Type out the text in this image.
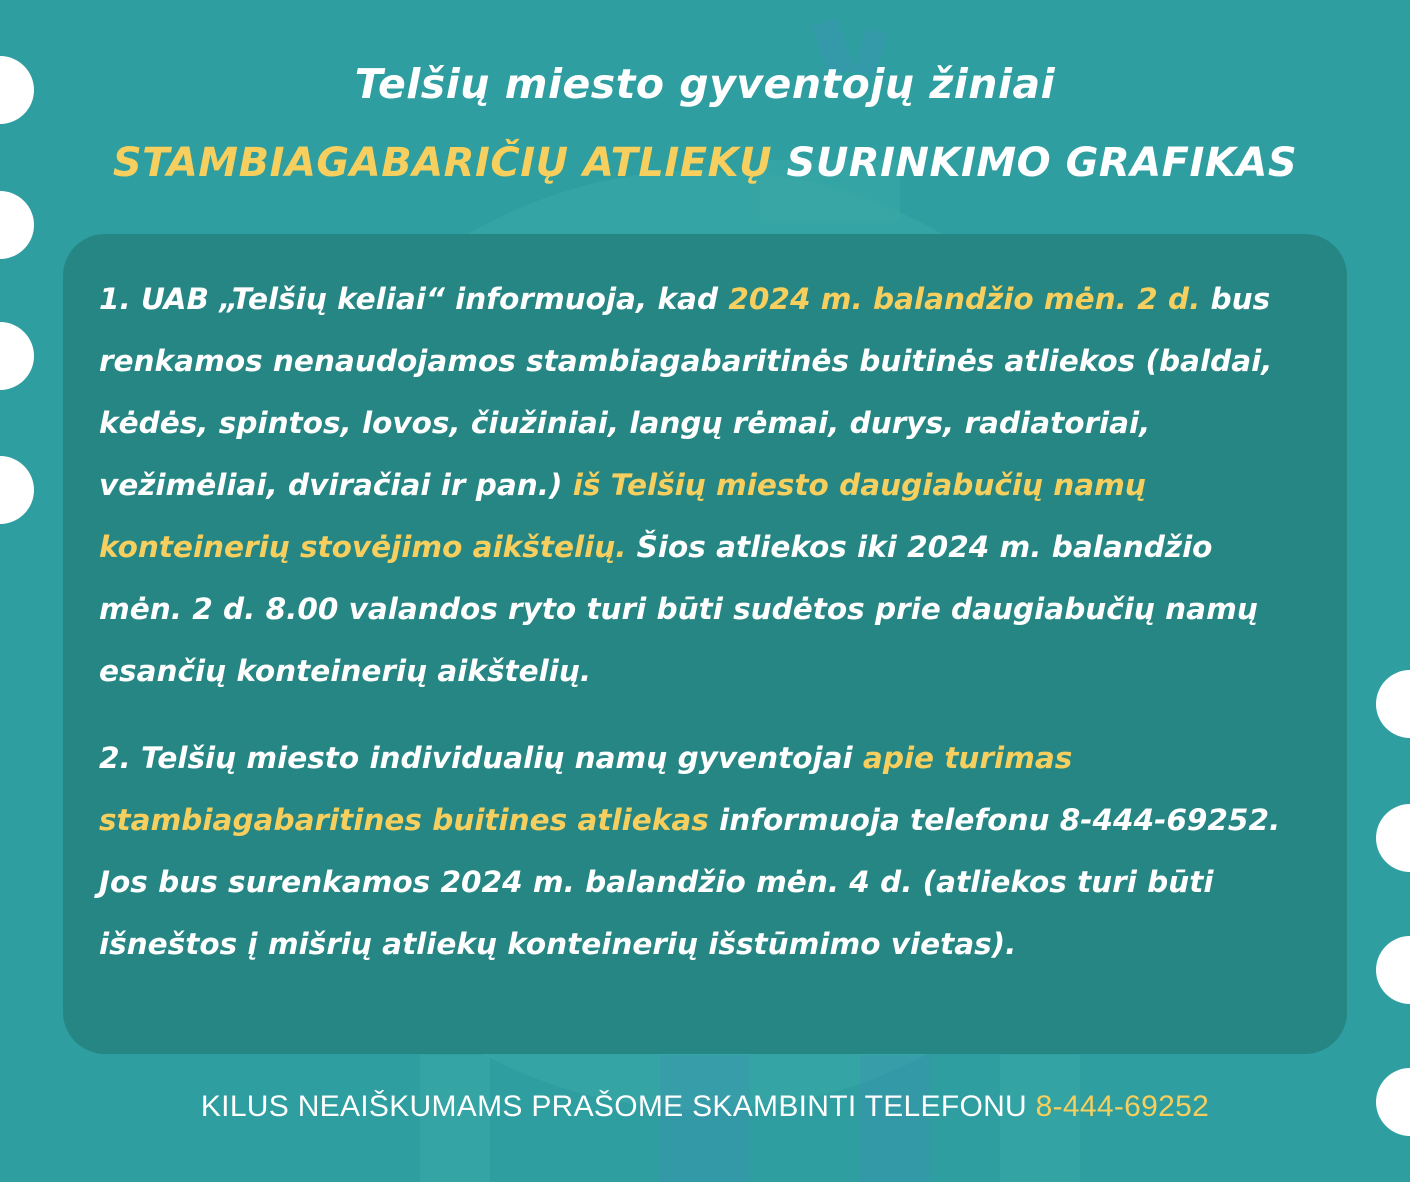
Telšių miesto gyventojų žiniai
STAMBIAGABARIČIŲ ATLIEKŲ SURINKIMO GRAFIKAS

1. UAB „Telšių keliai“ informuoja, kad 2024 m. balandžio mėn. 2 d. bus renkamos nenaudojamos stambiagabaritinės buitinės atliekos (baldai, kėdės, spintos, lovos, čiužiniai, langų rėmai, durys, radiatoriai, vežimėliai, dviračiai ir pan.) iš Telšių miesto daugiabučių namų konteinerių stovėjimo aikštelių. Šios atliekos iki 2024 m. balandžio mėn. 2 d. 8.00 valandos ryto turi būti sudėtos prie daugiabučių namų esančių konteinerių aikštelių.

2. Telšių miesto individualių namų gyventojai apie turimas stambiagabaritines buitines atliekas informuoja telefonu 8-444-69252. Jos bus surenkamos 2024 m. balandžio mėn. 4 d. (atliekos turi būti išneštos į mišrių atliekų konteinerių išstūmimo vietas).

KILUS NEAIŠKUMAMS PRAŠOME SKAMBINTI TELEFONU 8-444-69252
